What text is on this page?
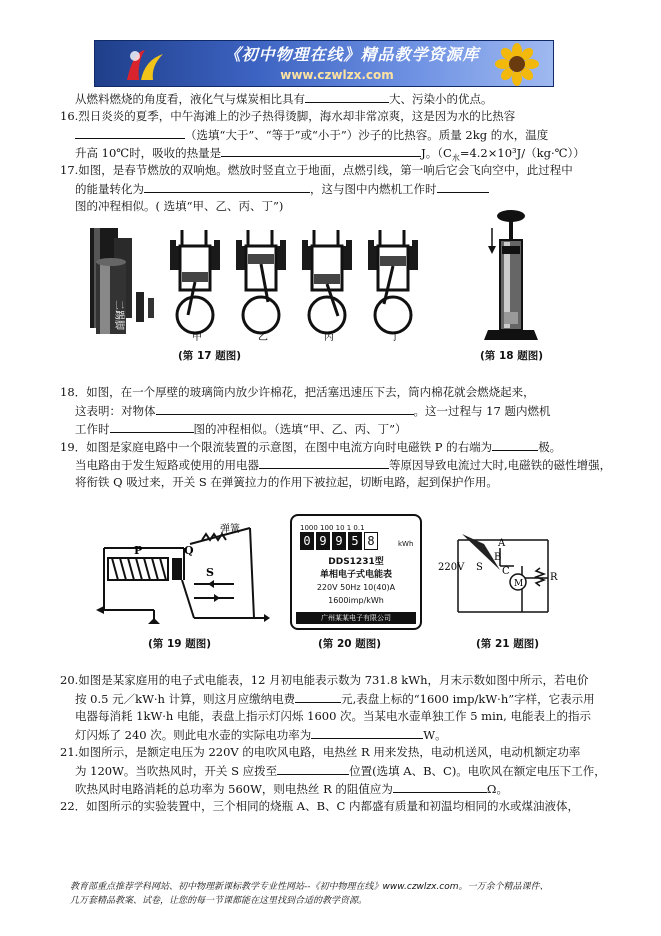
《初中物理在线》精品教学资源库
www.czwlzx.com
从燃料燃烧的角度看，液化气与煤炭相比具有	大、污染小的优点。
16.烈日炎炎的夏季，中午海滩上的沙子热得烫脚，海水却非常凉爽，这是因为水的比热容
（选填“大于”、“等于”或“小于”）沙子的比热容。质量 2kg 的水，温度
升高 10℃时，吸收的热量是	J。$(C_水=4.2\times 10^3J/(kg\cdot℃))$
17.如图，是春节燃放的双响炮。燃放时竖直立于地面，点燃引线，第一响后它会飞向空中，此过程中
的能量转化为	，这与图中内燃机工作时
图的冲程相似。( 选填“甲、乙、丙、丁”)
二踢脚
甲	乙	丙	丁
(第 17 题图)	(第 18 题图)
18．如图，在一个厚壁的玻璃筒内放少许棉花，把活塞迅速压下去，筒内棉花就会燃烧起来，
这表明：对物体	。这一过程与 17 题内燃机
工作时	图的冲程相似。（选填“甲、乙、丙、丁”）
19．如图是家庭电路中一个限流装置的示意图，在图中电流方向时电磁铁 P 的右端为	极。
当电路由于发生短路或使用的用电器	等原因导致电流过大时,电磁铁的磁性增强，
将衔铁 Q 吸过来，开关 S 在弹簧拉力的作用下被拉起，切断电路，起到保护作用。
P	Q
S
弹簧
(第 19 题图)
1000 100 10 1 0.1
0 9 9 5 8	kWh
DDS1231型
单相电子式电能表
220V 50Hz 10(40)A
1600imp/kWh
广州某某电子有限公司
(第 20 题图)
220V
A
B
C
S
M
R
(第 21 题图)
20.如图是某家庭用的电子式电能表，12 月初电能表示数为 731.8 kWh，月末示数如图中所示，若电价
按 0.5 元／kW·h 计算，则这月应缴纳电费	元,表盘上标的“1600 imp/kW·h”字样，它表示用
电器每消耗 1kW·h 电能，表盘上指示灯闪烁 1600 次。当某电水壶单独工作 5 min, 电能表上的指示
灯闪烁了 240 次。则此电水壶的实际电功率为	W。
21.如图所示，是额定电压为 220V 的电吹风电路，电热丝 R 用来发热，电动机送风，电动机额定功率
为 120W。当吹热风时，开关 S 应拨至	位置(选填 A、B、C)。电吹风在额定电压下工作，
吹热风时电路消耗的总功率为 560W，则电热丝 R 的阻值应为	Ω。
22．如图所示的实验装置中，三个相同的烧瓶 A、B、C 内都盛有质量和初温均相同的水或煤油液体，
教育部重点推荐学科网站、初中物理新课标教学专业性网站--《初中物理在线》www.czwlzx.com。一万余个精品课件、
几万套精品教案、试卷，让您的每一节课都能在这里找到合适的教学资源。
